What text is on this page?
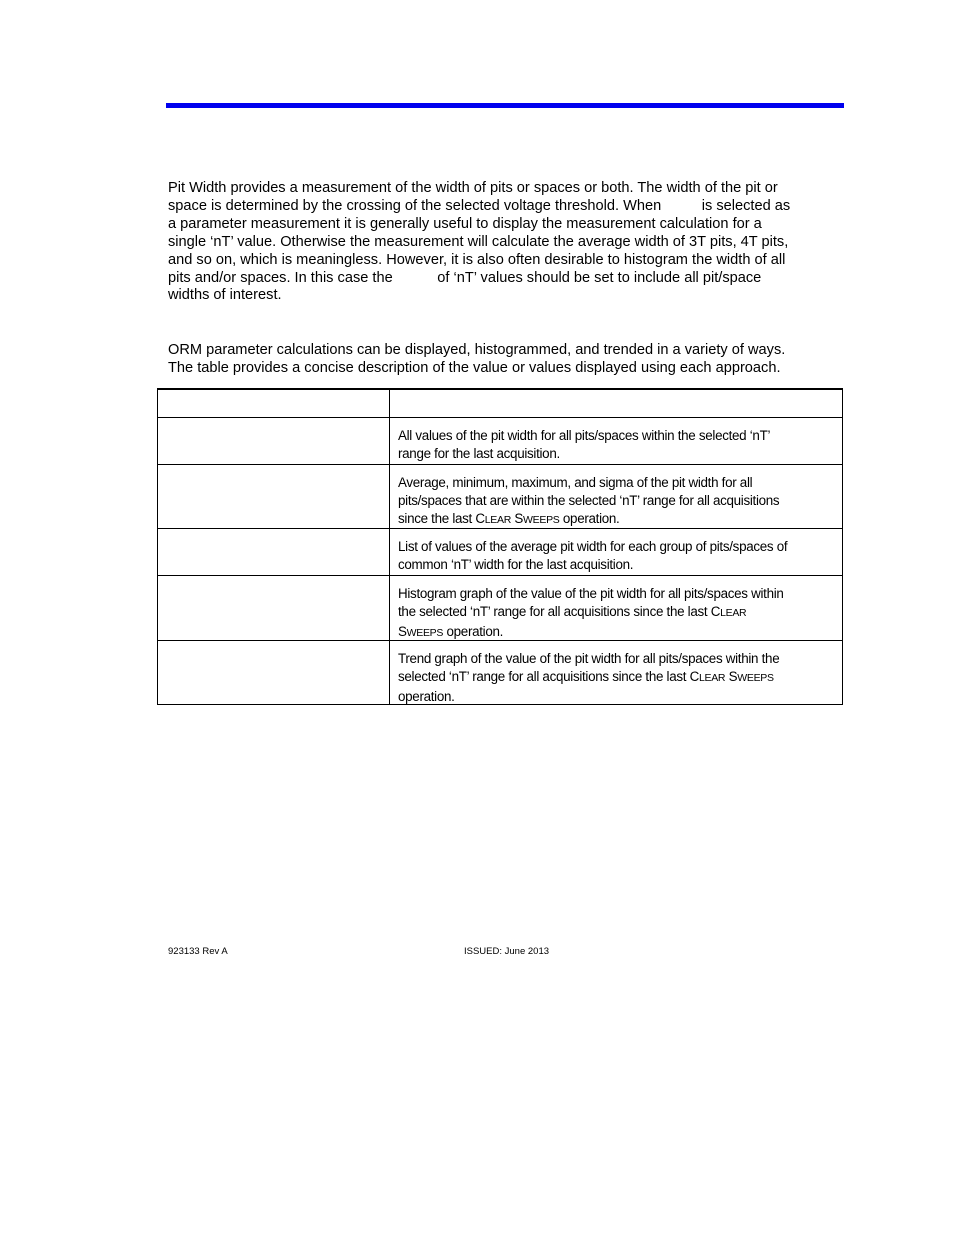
Pit Width provides a measurement of the width of pits or spaces or both. The width of the pit or
space is determined by the crossing of the selected voltage threshold. When          is selected as
a parameter measurement it is generally useful to display the measurement calculation for a
single ‘nT’ value. Otherwise the measurement will calculate the average width of 3T pits, 4T pits,
and so on, which is meaningless. However, it is also often desirable to histogram the width of all
pits and/or spaces. In this case the           of ‘nT’ values should be set to include all pit/space
widths of interest.
ORM parameter calculations can be displayed, histogrammed, and trended in a variety of ways.
The table provides a concise description of the value or values displayed using each approach.
All values of the pit width for all pits/spaces within the selected ‘nT’
range for the last acquisition.
Average, minimum, maximum, and sigma of the pit width for all
pits/spaces that are within the selected ‘nT’ range for all acquisitions
since the last CLEAR SWEEPS operation.
List of values of the average pit width for each group of pits/spaces of
common ‘nT’ width for the last acquisition.
Histogram graph of the value of the pit width for all pits/spaces within
the selected ‘nT’ range for all acquisitions since the last CLEAR
SWEEPS operation.
Trend graph of the value of the pit width for all pits/spaces within the
selected ‘nT’ range for all acquisitions since the last CLEAR SWEEPS
operation.
923133 Rev A	ISSUED: June 2013
